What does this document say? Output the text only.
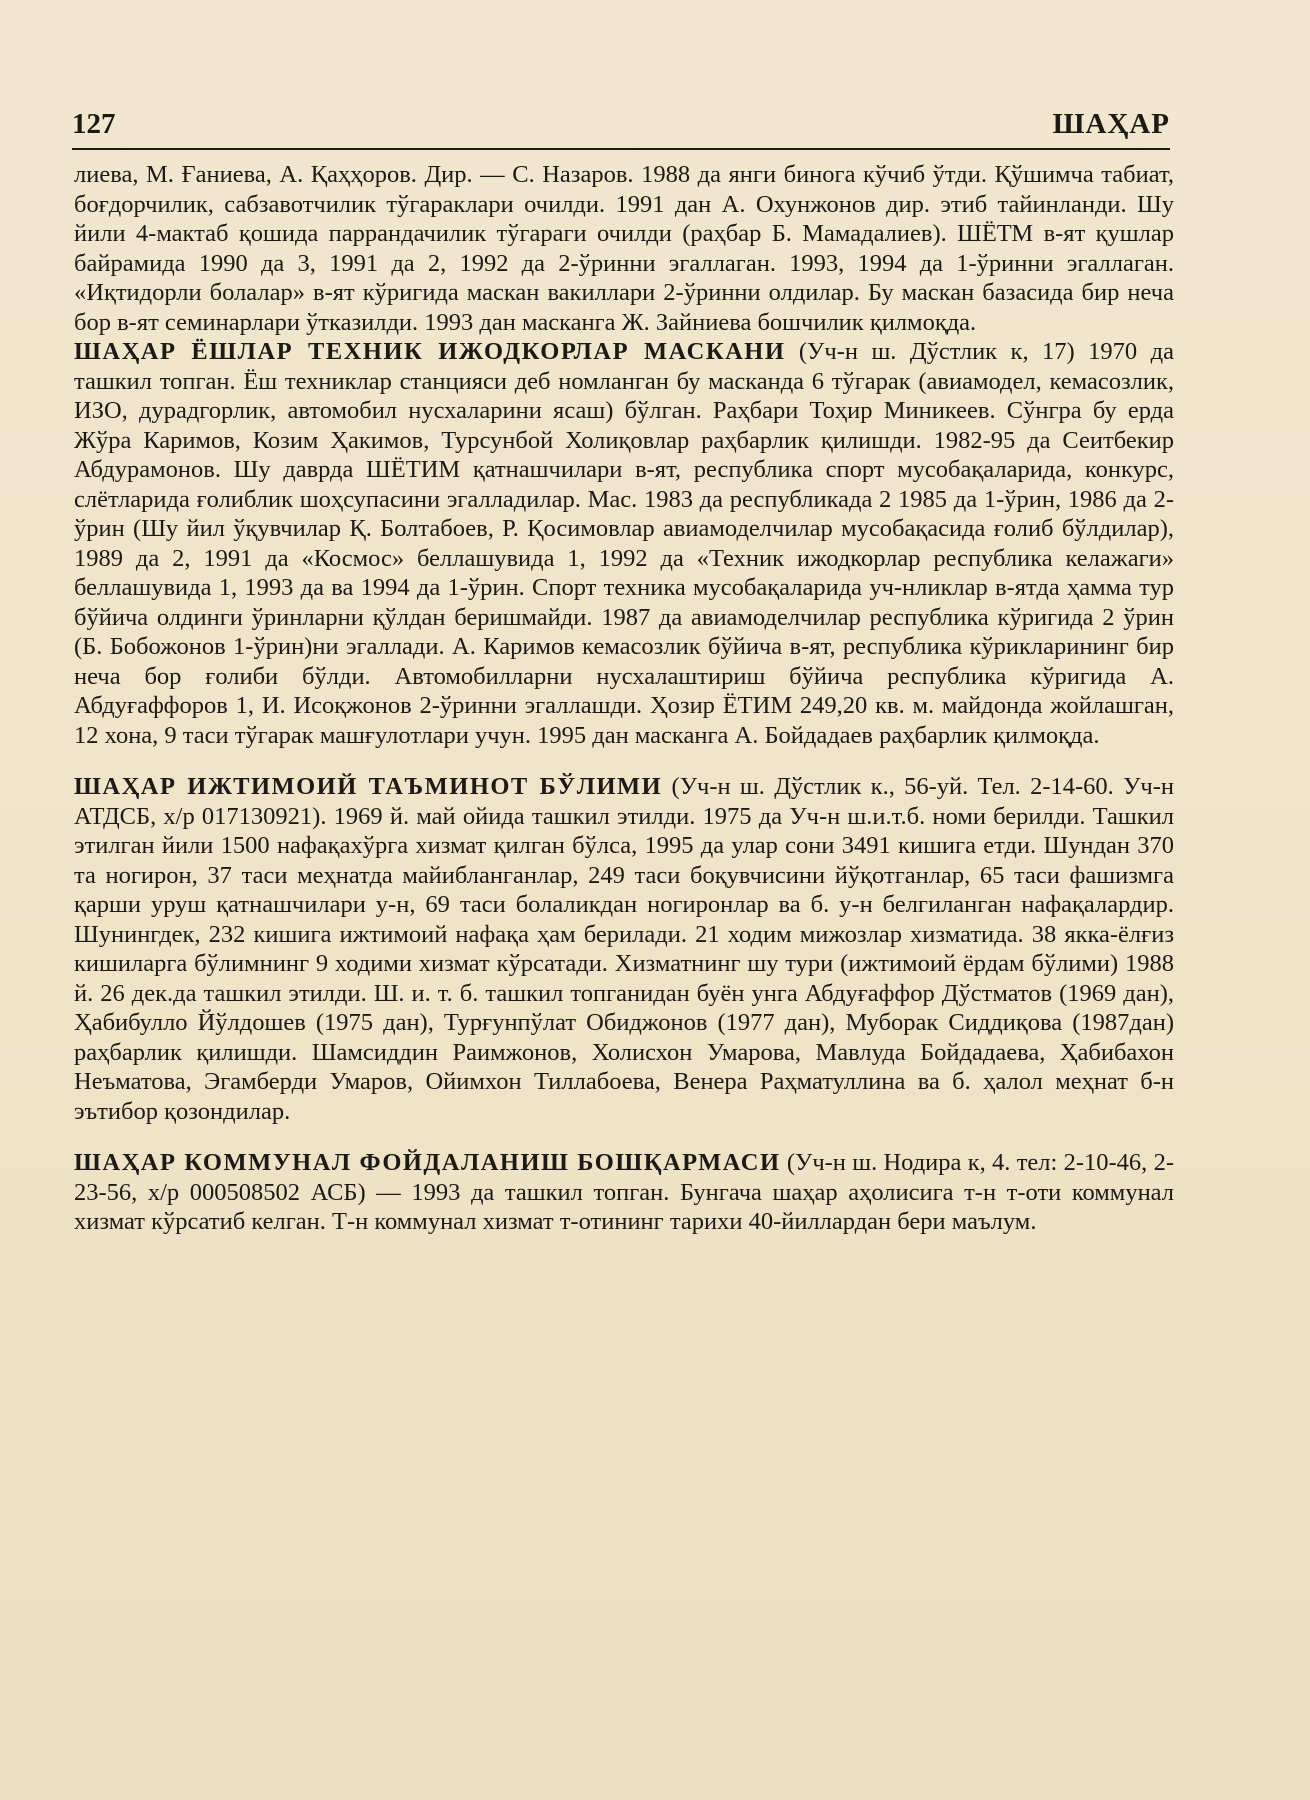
127	ШАҲАР

лиева, М. Ғаниева, А. Қаҳҳоров. Дир. — С. Назаров. 1988 да янги бинога кўчиб ўтди. Қўшимча табиат, боғдорчилик, сабзавотчилик тўгараклари очилди. 1991 дан А. Охунжонов дир. этиб тайинланди. Шу йили 4-мактаб қошида паррандачилик тўгараги очилди (раҳбар Б. Мамадалиев). ШЁТМ в-ят қушлар байрамида 1990 да 3, 1991 да 2, 1992 да 2-ўринни эгаллаган. 1993, 1994 да 1-ўринни эгаллаган. «Иқтидорли болалар» в-ят кўригида маскан вакиллари 2-ўринни олдилар. Бу маскан базасида бир неча бор в-ят семинарлари ўтказилди. 1993 дан масканга Ж. Зайниева бошчилик қилмоқда.

ШАҲАР ЁШЛАР ТЕХНИК ИЖОДКОРЛАР МАСКАНИ (Уч-н ш. Дўстлик к, 17) 1970 да ташкил топган. Ёш техниклар станцияси деб номланган бу масканда 6 тўгарак (авиамодел, кемасозлик, ИЗО, дурадгорлик, автомобил нусхаларини ясаш) бўлган. Раҳбари Тоҳир Миникеев. Сўнгра бу ерда Жўра Каримов, Козим Ҳакимов, Турсунбой Холиқовлар раҳбарлик қилишди. 1982-95 да Сеитбекир Абдурамонов. Шу даврда ШЁТИМ қатнашчилари в-ят, республика спорт мусобақаларида, конкурс, слётларида ғолиблик шоҳсупасини эгалладилар. Мас. 1983 да республикада 2 1985 да 1-ўрин, 1986 да 2-ўрин (Шу йил ўқувчилар Қ. Болтабоев, Р. Қосимовлар авиамоделчилар мусобақасида ғолиб бўлдилар), 1989 да 2, 1991 да «Космос» беллашувида 1, 1992 да «Техник ижодкорлар республика келажаги» беллашувида 1, 1993 да ва 1994 да 1-ўрин. Спорт техника мусобақаларида уч-нликлар в-ятда ҳамма тур бўйича олдинги ўринларни қўлдан беришмайди. 1987 да авиамоделчилар республика кўригида 2 ўрин (Б. Бобожонов 1-ўрин)ни эгаллади. А. Каримов кемасозлик бўйича в-ят, республика кўрикларининг бир неча бор ғолиби бўлди. Автомобилларни нусхалаштириш бўйича республика кўригида А. Абдуғаффоров 1, И. Исоқжонов 2-ўринни эгаллашди. Ҳозир ЁТИМ 249,20 кв. м. майдонда жойлашган, 12 хона, 9 таси тўгарак машғулотлари учун. 1995 дан масканга А. Бойдадаев раҳбарлик қилмоқда.

ШАҲАР ИЖТИМОИЙ ТАЪМИНОТ БЎЛИМИ (Уч-н ш. Дўстлик к., 56-уй. Тел. 2-14-60. Уч-н АТДСБ, х/р 017130921). 1969 й. май ойида ташкил этилди. 1975 да Уч-н ш.и.т.б. номи берилди. Ташкил этилган йили 1500 нафақахўрга хизмат қилган бўлса, 1995 да улар сони 3491 кишига етди. Шундан 370 та ногирон, 37 таси меҳнатда майибланганлар, 249 таси боқувчисини йўқотганлар, 65 таси фашизмга қарши уруш қатнашчилари у-н, 69 таси болаликдан ногиронлар ва б. у-н белгиланган нафақалардир. Шунингдек, 232 кишига ижтимоий нафақа ҳам берилади. 21 ходим мижозлар хизматида. 38 якка-ёлғиз кишиларга бўлимнинг 9 ходими хизмат кўрсатади. Хизматнинг шу тури (ижтимоий ёрдам бўлими) 1988 й. 26 дек.да ташкил этилди. Ш. и. т. б. ташкил топганидан буён унга Абдуғаффор Дўстматов (1969 дан), Ҳабибулло Йўлдошев (1975 дан), Турғунпўлат Обиджонов (1977 дан), Муборак Сиддиқова (1987дан) раҳбарлик қилишди. Шамсиддин Раимжонов, Холисхон Умарова, Мавлуда Бойдадаева, Ҳабибахон Неъматова, Эгамберди Умаров, Ойимхон Тиллабоева, Венера Раҳматуллина ва б. ҳалол меҳнат б-н эътибор қозондилар.

ШАҲАР КОММУНАЛ ФОЙДАЛАНИШ БОШҚАРМАСИ (Уч-н ш. Нодира к, 4. тел: 2-10-46, 2-23-56, х/р 000508502 АСБ) — 1993 да ташкил топган. Бунгача шаҳар аҳолисига т-н т-оти коммунал хизмат кўрсатиб келган. Т-н коммунал хизмат т-отининг тарихи 40-йиллардан бери маълум.
